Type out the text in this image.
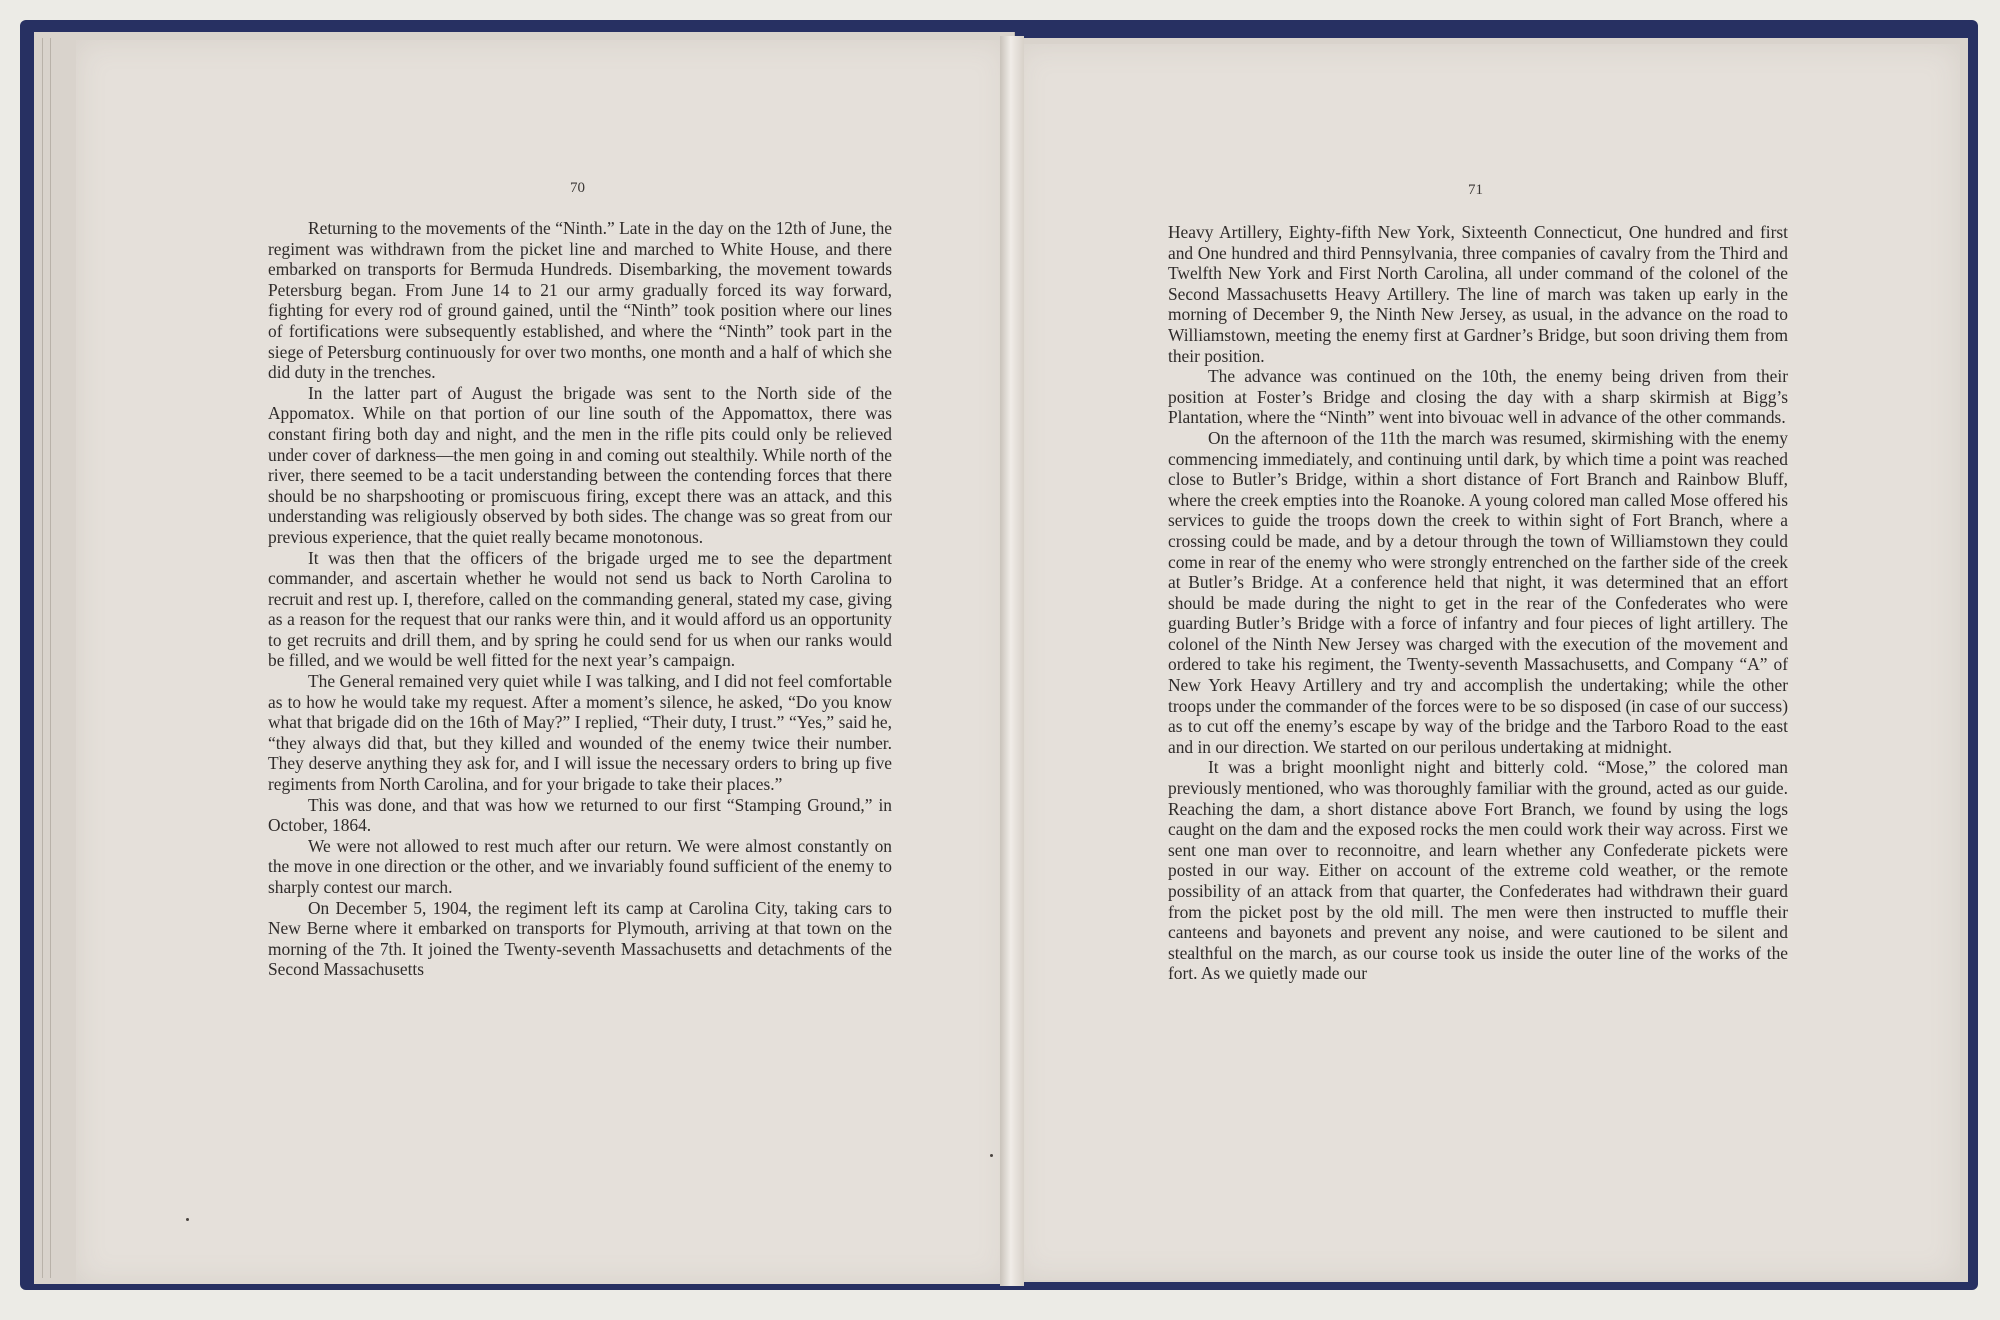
70	71

Returning to the movements of the “Ninth.” Late in the day on the 12th of June, the regiment was withdrawn from the picket line and marched to White House, and there embarked on transports for Bermuda Hundreds. Disembarking, the movement towards Petersburg began. From June 14 to 21 our army gradually forced its way forward, fighting for every rod of ground gained, until the “Ninth” took position where our lines of fortifications were subsequently established, and where the “Ninth” took part in the siege of Petersburg continuously for over two months, one month and a half of which she did duty in the trenches.

In the latter part of August the brigade was sent to the North side of the Appomatox. While on that portion of our line south of the Appomattox, there was constant firing both day and night, and the men in the rifle pits could only be relieved under cover of darkness—the men going in and coming out stealthily. While north of the river, there seemed to be a tacit understanding between the contending forces that there should be no sharpshooting or promiscuous firing, except there was an attack, and this understanding was religiously observed by both sides. The change was so great from our previous experience, that the quiet really became monotonous.

It was then that the officers of the brigade urged me to see the department commander, and ascertain whether he would not send us back to North Carolina to recruit and rest up. I, therefore, called on the commanding general, stated my case, giving as a reason for the request that our ranks were thin, and it would afford us an opportunity to get recruits and drill them, and by spring he could send for us when our ranks would be filled, and we would be well fitted for the next year’s campaign.

The General remained very quiet while I was talking, and I did not feel comfortable as to how he would take my request. After a moment’s silence, he asked, “Do you know what that brigade did on the 16th of May?” I replied, “Their duty, I trust.” “Yes,” said he, “they always did that, but they killed and wounded of the enemy twice their number. They deserve anything they ask for, and I will issue the necessary orders to bring up five regiments from North Carolina, and for your brigade to take their places.”

This was done, and that was how we returned to our first “Stamping Ground,” in October, 1864.

We were not allowed to rest much after our return. We were almost constantly on the move in one direction or the other, and we invariably found sufficient of the enemy to sharply contest our march.

On December 5, 1904, the regiment left its camp at Carolina City, taking cars to New Berne where it embarked on transports for Plymouth, arriving at that town on the morning of the 7th. It joined the Twenty-seventh Massachusetts and detachments of the Second Massachusetts

Heavy Artillery, Eighty-fifth New York, Sixteenth Connecticut, One hundred and first and One hundred and third Pennsylvania, three companies of cavalry from the Third and Twelfth New York and First North Carolina, all under command of the colonel of the Second Massachusetts Heavy Artillery. The line of march was taken up early in the morning of December 9, the Ninth New Jersey, as usual, in the advance on the road to Williamstown, meeting the enemy first at Gardner’s Bridge, but soon driving them from their position.

The advance was continued on the 10th, the enemy being driven from their position at Foster’s Bridge and closing the day with a sharp skirmish at Bigg’s Plantation, where the “Ninth” went into bivouac well in advance of the other commands.

On the afternoon of the 11th the march was resumed, skirmishing with the enemy commencing immediately, and continuing until dark, by which time a point was reached close to Butler’s Bridge, within a short distance of Fort Branch and Rainbow Bluff, where the creek empties into the Roanoke. A young colored man called Mose offered his services to guide the troops down the creek to within sight of Fort Branch, where a crossing could be made, and by a detour through the town of Williamstown they could come in rear of the enemy who were strongly entrenched on the farther side of the creek at Butler’s Bridge. At a conference held that night, it was determined that an effort should be made during the night to get in the rear of the Confederates who were guarding Butler’s Bridge with a force of infantry and four pieces of light artillery. The colonel of the Ninth New Jersey was charged with the execution of the movement and ordered to take his regiment, the Twenty-seventh Massachusetts, and Company “A” of New York Heavy Artillery and try and accomplish the undertaking; while the other troops under the commander of the forces were to be so disposed (in case of our success) as to cut off the enemy’s escape by way of the bridge and the Tarboro Road to the east and in our direction. We started on our perilous undertaking at midnight.

It was a bright moonlight night and bitterly cold. “Mose,” the colored man previously mentioned, who was thoroughly familiar with the ground, acted as our guide. Reaching the dam, a short distance above Fort Branch, we found by using the logs caught on the dam and the exposed rocks the men could work their way across. First we sent one man over to reconnoitre, and learn whether any Confederate pickets were posted in our way. Either on account of the extreme cold weather, or the remote possibility of an attack from that quarter, the Confederates had withdrawn their guard from the picket post by the old mill. The men were then instructed to muffle their canteens and bayonets and prevent any noise, and were cautioned to be silent and stealthful on the march, as our course took us inside the outer line of the works of the fort. As we quietly made our
